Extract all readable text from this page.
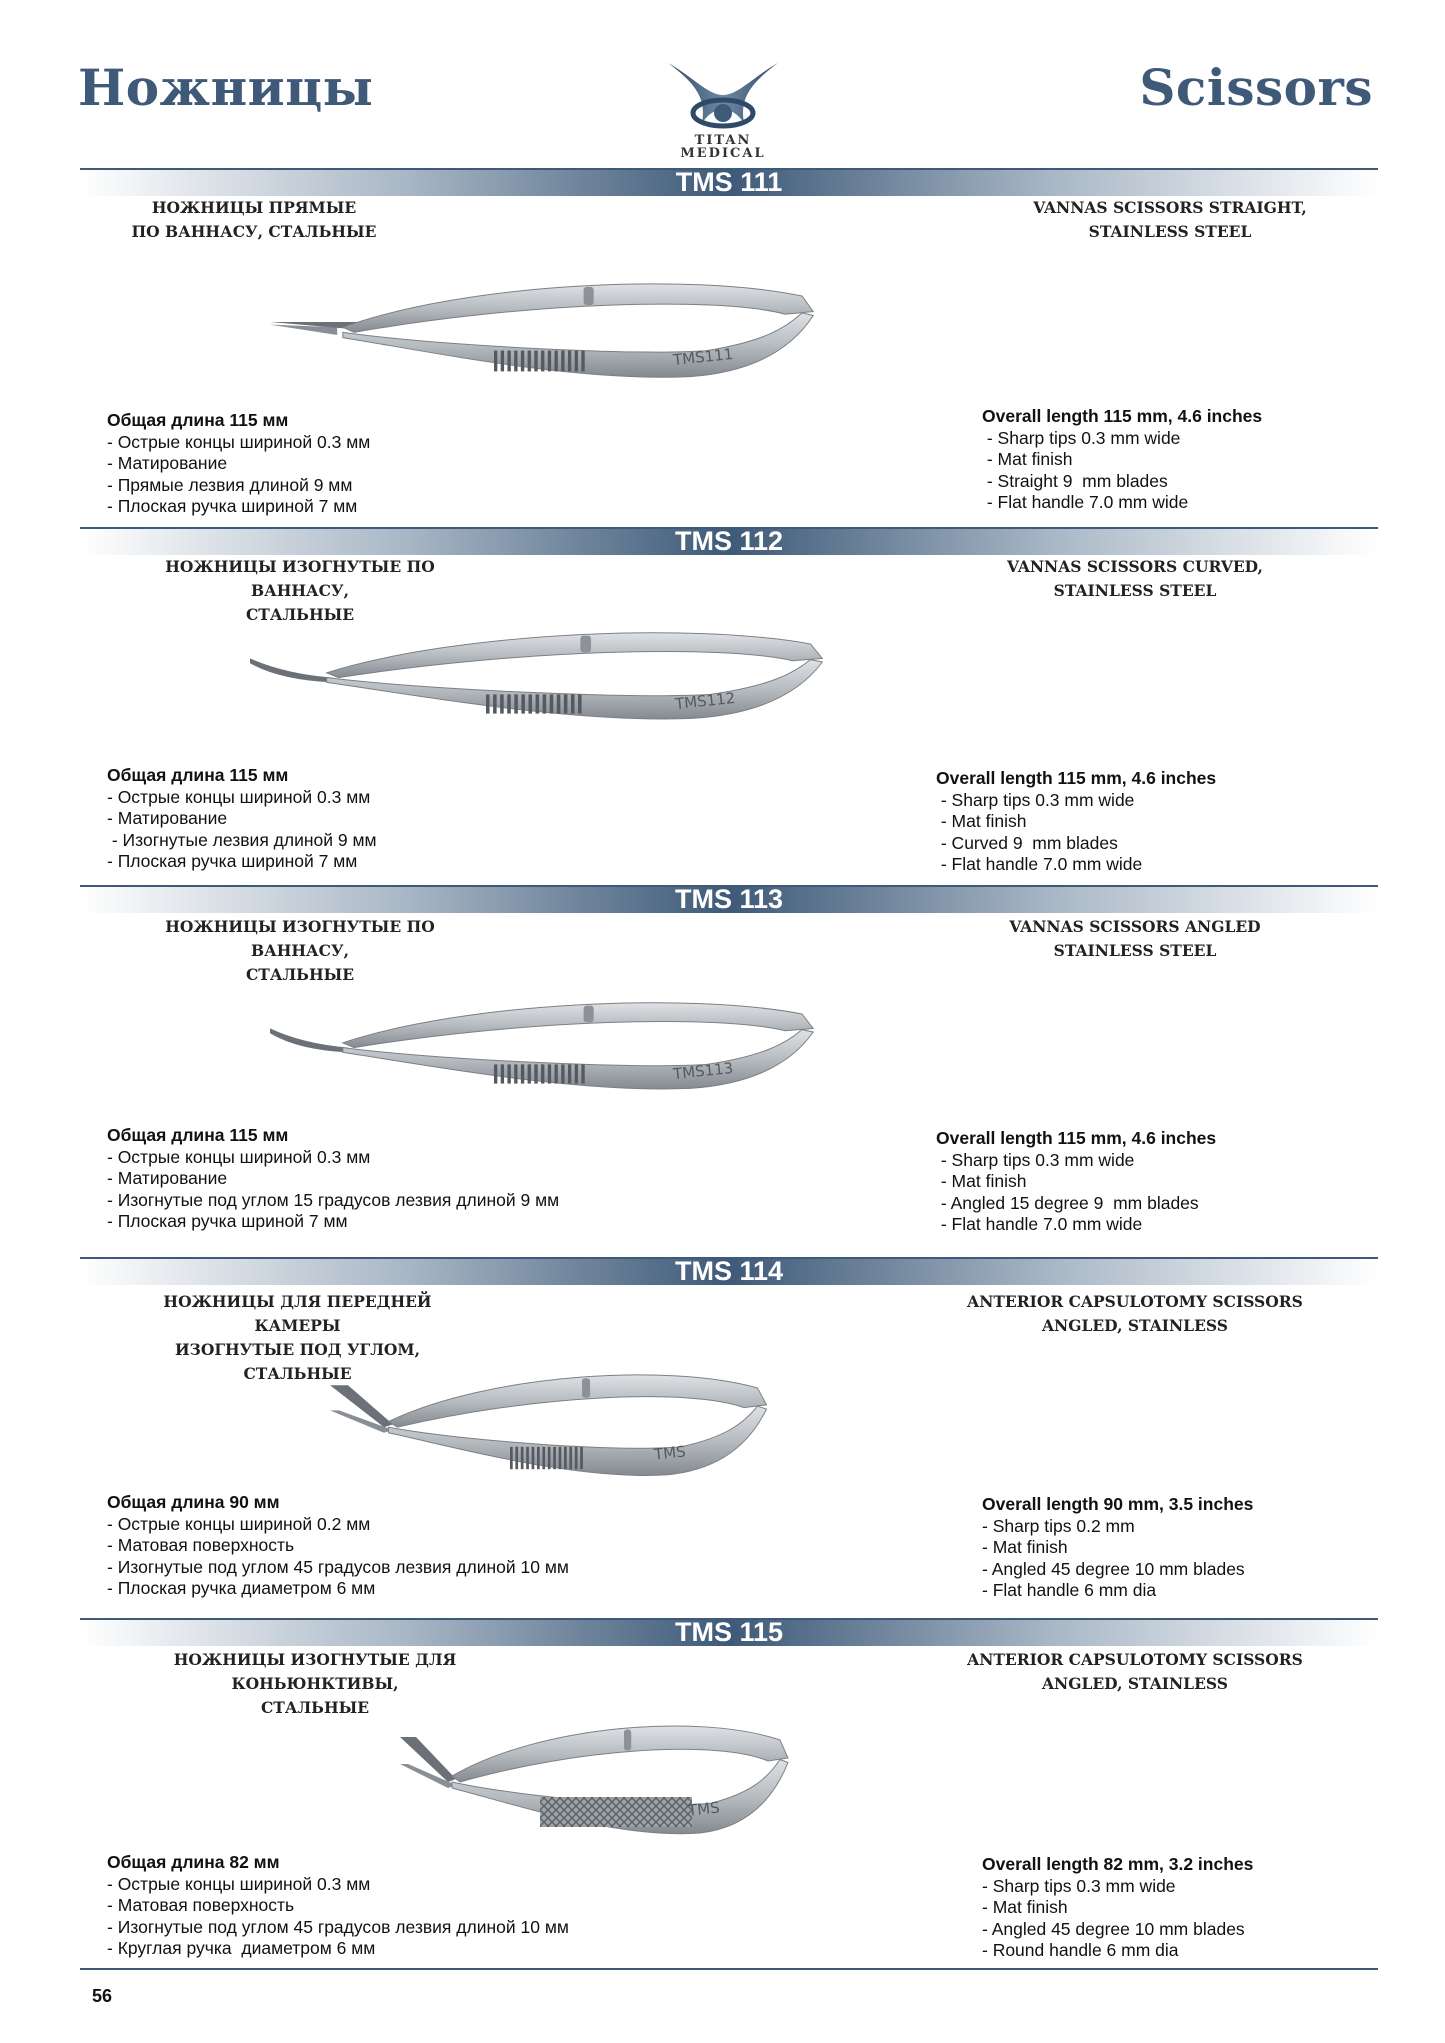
Ножницы	Scissors
TITAN
MEDICAL
TMS 111
НОЖНИЦЫ ПРЯМЫЕ
ПО ВАННАСУ, СТАЛЬНЫЕ
VANNAS SCISSORS STRAIGHT,
STAINLESS STEEL
TMS111
Общая длина 115 мм
- Острые концы шириной 0.3 мм
- Матирование
- Прямые лезвия длиной 9 мм
- Плоская ручка шириной 7 мм
Overall length 115 mm, 4.6 inches
- Sharp tips 0.3 mm wide
- Mat finish
- Straight 9  mm blades
- Flat handle 7.0 mm wide
TMS 112
НОЖНИЦЫ ИЗОГНУТЫЕ ПО ВАННАСУ,
СТАЛЬНЫЕ
VANNAS SCISSORS CURVED,
STAINLESS STEEL
TMS112
Общая длина 115 мм
- Острые концы шириной 0.3 мм
- Матирование
- Изогнутые лезвия длиной 9 мм
- Плоская ручка шириной 7 мм
Overall length 115 mm, 4.6 inches
- Sharp tips 0.3 mm wide
- Mat finish
- Curved 9  mm blades
- Flat handle 7.0 mm wide
TMS 113
НОЖНИЦЫ ИЗОГНУТЫЕ ПО ВАННАСУ,
СТАЛЬНЫЕ
VANNAS SCISSORS ANGLED
STAINLESS STEEL
TMS113
Общая длина 115 мм
- Острые концы шириной 0.3 мм
- Матирование
- Изогнутые под углом 15 градусов лезвия длиной 9 мм
- Плоская ручка шриной 7 мм
Overall length 115 mm, 4.6 inches
- Sharp tips 0.3 mm wide
- Mat finish
- Angled 15 degree 9  mm blades
- Flat handle 7.0 mm wide
TMS 114
НОЖНИЦЫ ДЛЯ ПЕРЕДНЕЙ КАМЕРЫ
ИЗОГНУТЫЕ ПОД УГЛОМ, СТАЛЬНЫЕ
ANTERIOR CAPSULOTOMY SCISSORS
ANGLED, STAINLESS
TMS
Общая длина 90 мм
- Острые концы шириной 0.2 мм
- Матовая поверхность
- Изогнутые под углом 45 градусов лезвия длиной 10 мм
- Плоская ручка диаметром 6 мм
Overall length 90 mm, 3.5 inches
- Sharp tips 0.2 mm
- Mat finish
- Angled 45 degree 10 mm blades
- Flat handle 6 mm dia
TMS 115
НОЖНИЦЫ ИЗОГНУТЫЕ ДЛЯ КОНЬЮНКТИВЫ,
СТАЛЬНЫЕ
ANTERIOR CAPSULOTOMY SCISSORS
ANGLED, STAINLESS
TMS
Общая длина 82 мм
- Острые концы шириной 0.3 мм
- Матовая поверхность
- Изогнутые под углом 45 градусов лезвия длиной 10 мм
- Круглая ручка  диаметром 6 мм
Overall length 82 mm, 3.2 inches
- Sharp tips 0.3 mm wide
- Mat finish
- Angled 45 degree 10 mm blades
- Round handle 6 mm dia
56
